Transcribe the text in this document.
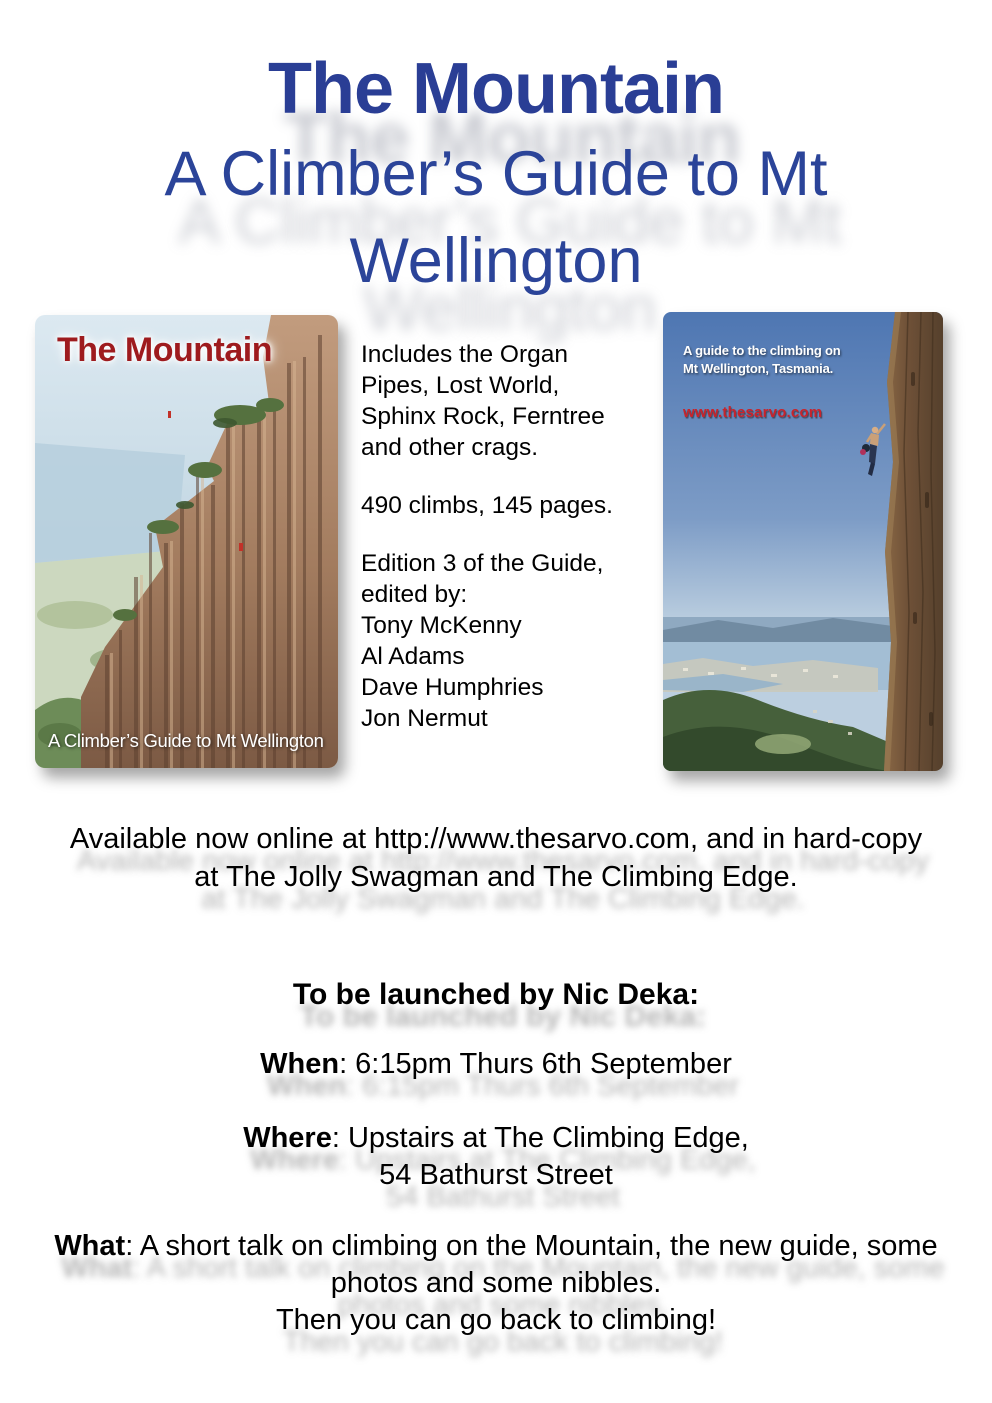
The Mountain
A Climber’s Guide to Mt Wellington
The Mountain
A Climber’s Guide to Mt Wellington

Includes the Organ Pipes, Lost World, Sphinx Rock, Ferntree and other crags.

490 climbs, 145 pages.

Edition 3 of the Guide, edited by:

Tony McKenny
Al Adams
Dave Humphries
Jon Nermut
A guide to the climbing on Mt Wellington, Tasmania.
www.thesarvo.com

Available now online at http://www.thesarvo.com, and in hard-copy at The Jolly Swagman and The Climbing Edge.

To be launched by Nic Deka:

When: 6:15pm Thurs 6th September

Where: Upstairs at The Climbing Edge,
54 Bathurst Street

What: A short talk on climbing on the Mountain, the new guide, some photos and some nibbles.
Then you can go back to climbing!
